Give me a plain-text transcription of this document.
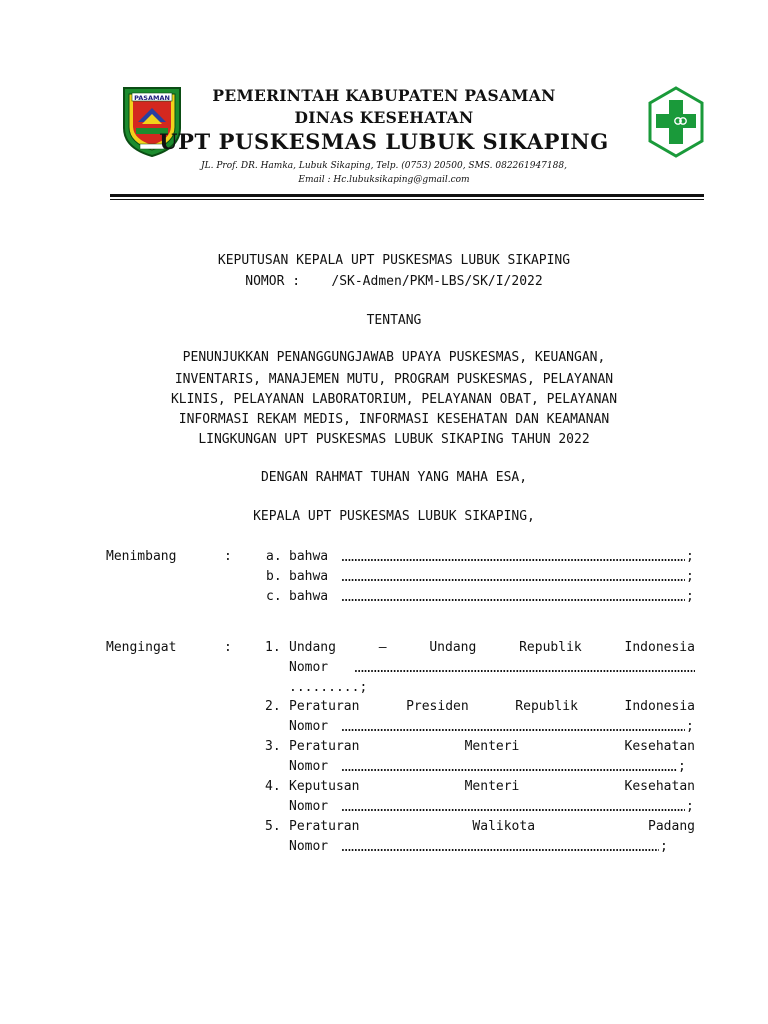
PASAMAN	PEMERINTAH KABUPATEN PASAMAN
DINAS KESEHATAN
UPT PUSKESMAS LUBUK SIKAPING
JL. Prof. DR. Hamka, Lubuk Sikaping, Telp. (0753) 20500, SMS. 082261947188,
Email : Hc.lubuksikaping@gmail.com
KEPUTUSAN KEPALA UPT PUSKESMAS LUBUK SIKAPING
NOMOR :    /SK-Admen/PKM-LBS/SK/I/2022
TENTANG
PENUNJUKKAN PENANGGUNGJAWAB UPAYA PUSKESMAS, KEUANGAN,
INVENTARIS, MANAJEMEN MUTU, PROGRAM PUSKESMAS, PELAYANAN
KLINIS, PELAYANAN LABORATORIUM, PELAYANAN OBAT, PELAYANAN
INFORMASI REKAM MEDIS, INFORMASI KESEHATAN DAN KEAMANAN
LINGKUNGAN UPT PUSKESMAS LUBUK SIKAPING TAHUN 2022
DENGAN RAHMAT TUHAN YANG MAHA ESA,
KEPALA UPT PUSKESMAS LUBUK SIKAPING,
Menimbang	:	a. bahwa .....	;
b. bahwa .....	;
c. bahwa .....	;
Mengingat	:	1. Undang	–	Undang	Republik	Indonesia
Nomor
.....
.........;
2. Peraturan	Presiden	Republik	Indonesia
Nomor .....	;
3. Peraturan	Menteri	Kesehatan
Nomor .....	;
4. Keputusan	Menteri	Kesehatan
Nomor .....	;
5. Peraturan	Walikota	Padang
Nomor .....	;
